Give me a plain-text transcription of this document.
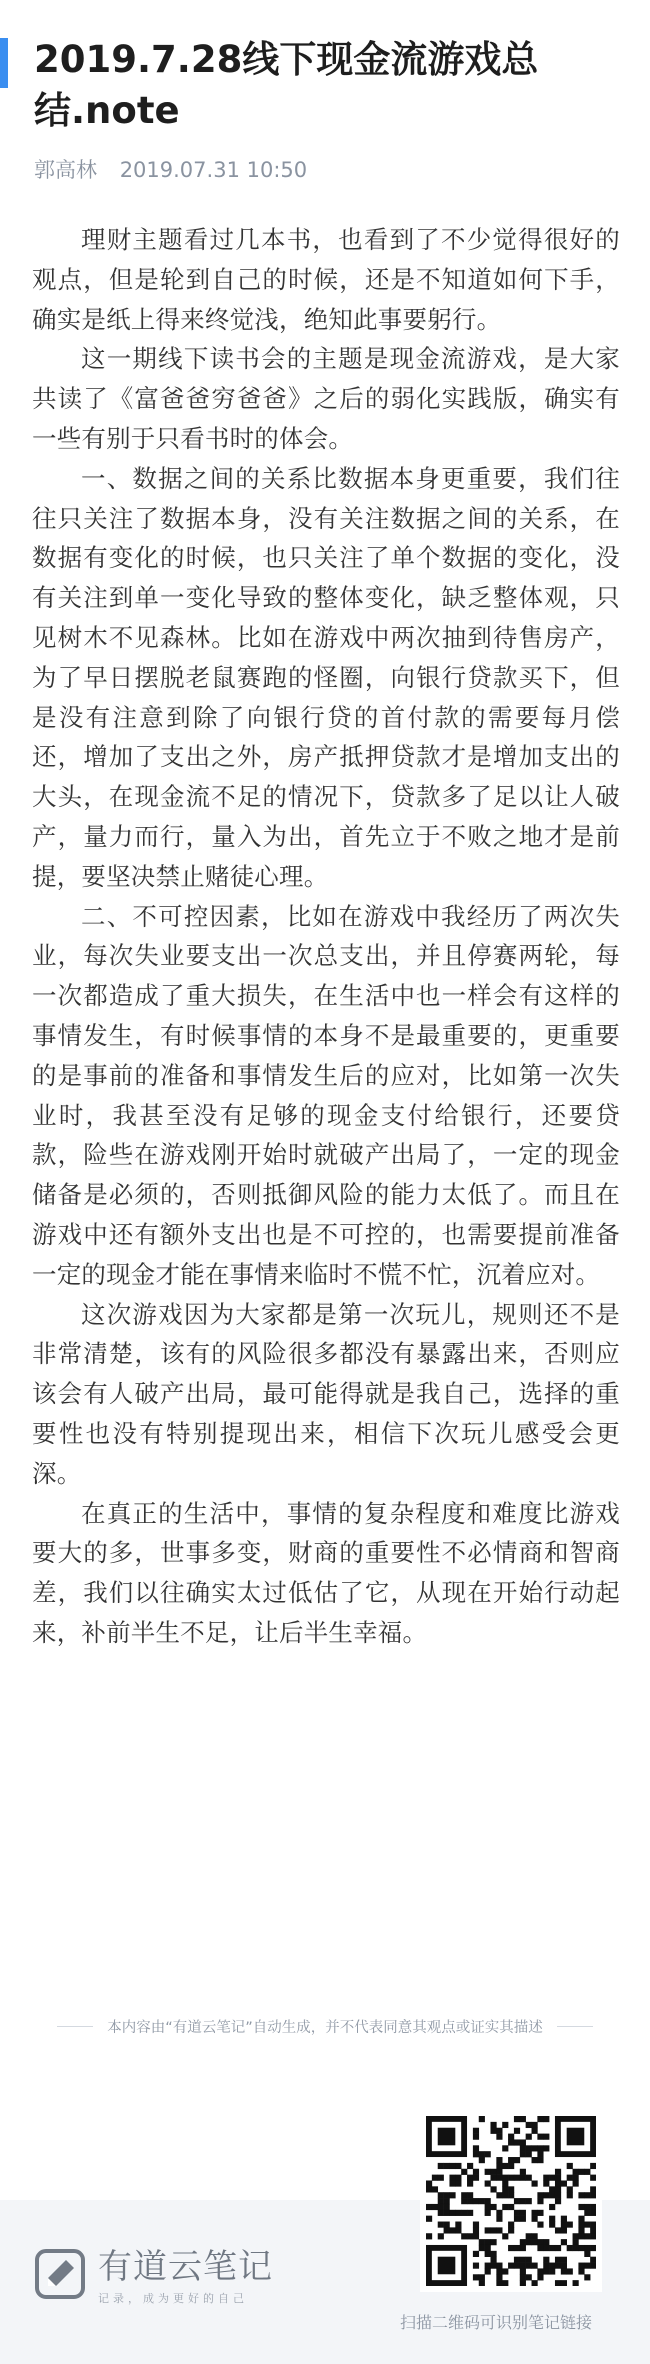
2019.7.28线下现金流游戏总结.note
郭高林 2019.07.31 10:50

理财主题看过几本书，也看到了不少觉得很好的观点，但是轮到自己的时候，还是不知道如何下手，确实是纸上得来终觉浅，绝知此事要躬行。

这一期线下读书会的主题是现金流游戏，是大家共读了《富爸爸穷爸爸》之后的弱化实践版，确实有一些有别于只看书时的体会。

一、数据之间的关系比数据本身更重要，我们往往只关注了数据本身，没有关注数据之间的关系，在数据有变化的时候，也只关注了单个数据的变化，没有关注到单一变化导致的整体变化，缺乏整体观，只见树木不见森林。比如在游戏中两次抽到待售房产，为了早日摆脱老鼠赛跑的怪圈，向银行贷款买下，但是没有注意到除了向银行贷的首付款的需要每月偿还，增加了支出之外，房产抵押贷款才是增加支出的大头，在现金流不足的情况下，贷款多了足以让人破产，量力而行，量入为出，首先立于不败之地才是前提，要坚决禁止赌徒心理。

二、不可控因素，比如在游戏中我经历了两次失业，每次失业要支出一次总支出，并且停赛两轮，每一次都造成了重大损失，在生活中也一样会有这样的事情发生，有时候事情的本身不是最重要的，更重要的是事前的准备和事情发生后的应对，比如第一次失业时，我甚至没有足够的现金支付给银行，还要贷款，险些在游戏刚开始时就破产出局了，一定的现金储备是必须的，否则抵御风险的能力太低了。而且在游戏中还有额外支出也是不可控的，也需要提前准备一定的现金才能在事情来临时不慌不忙，沉着应对。

这次游戏因为大家都是第一次玩儿，规则还不是非常清楚，该有的风险很多都没有暴露出来，否则应该会有人破产出局，最可能得就是我自己，选择的重要性也没有特别提现出来，相信下次玩儿感受会更深。

在真正的生活中，事情的复杂程度和难度比游戏要大的多，世事多变，财商的重要性不必情商和智商差，我们以往确实太过低估了它，从现在开始行动起来，补前半生不足，让后半生幸福。

本内容由“有道云笔记”自动生成，并不代表同意其观点或证实其描述
有道云笔记
记录，成为更好的自己
扫描二维码可识别笔记链接
